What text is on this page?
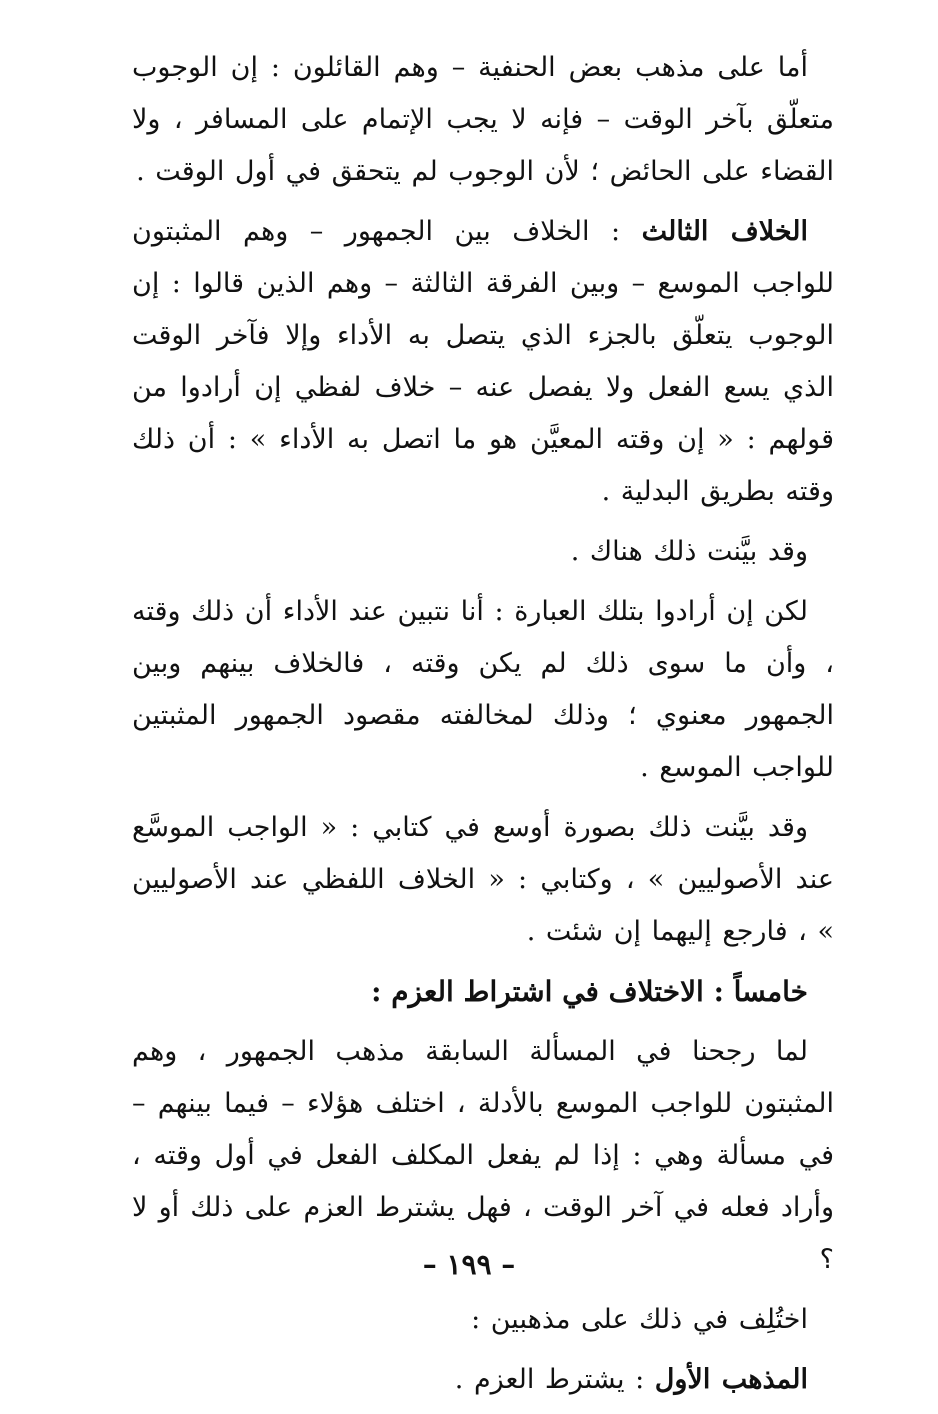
أما على مذهب بعض الحنفية – وهم القائلون : إن الوجوب متعلّق بآخر الوقت – فإنه لا يجب الإتمام على المسافر ، ولا القضاء على الحائض ؛ لأن الوجوب لم يتحقق في أول الوقت .

الخلاف الثالث : الخلاف بين الجمهور – وهم المثبتون للواجب الموسع – وبين الفرقة الثالثة – وهم الذين قالوا : إن الوجوب يتعلّق بالجزء الذي يتصل به الأداء وإلا فآخر الوقت الذي يسع الفعل ولا يفصل عنه – خلاف لفظي إن أرادوا من قولهم : « إن وقته المعيَّن هو ما اتصل به الأداء » : أن ذلك وقته بطريق البدلية .

وقد بيَّنت ذلك هناك .

لكن إن أرادوا بتلك العبارة : أنا نتبين عند الأداء أن ذلك وقته ، وأن ما سوى ذلك لم يكن وقته ، فالخلاف بينهم وبين الجمهور معنوي ؛ وذلك لمخالفته مقصود الجمهور المثبتين للواجب الموسع .

وقد بيَّنت ذلك بصورة أوسع في كتابي : « الواجب الموسَّع عند الأصوليين » ، وكتابي : « الخلاف اللفظي عند الأصوليين » ، فارجع إليهما إن شئت .

خامساً : الاختلاف في اشتراط العزم :

لما رجحنا في المسألة السابقة مذهب الجمهور ، وهم المثبتون للواجب الموسع بالأدلة ، اختلف هؤلاء – فيما بينهم – في مسألة وهي : إذا لم يفعل المكلف الفعل في أول وقته ، وأراد فعله في آخر الوقت ، فهل يشترط العزم على ذلك أو لا ؟

اختُلِف في ذلك على مذهبين :

المذهب الأول : يشترط العزم .

– ١٩٩ –
